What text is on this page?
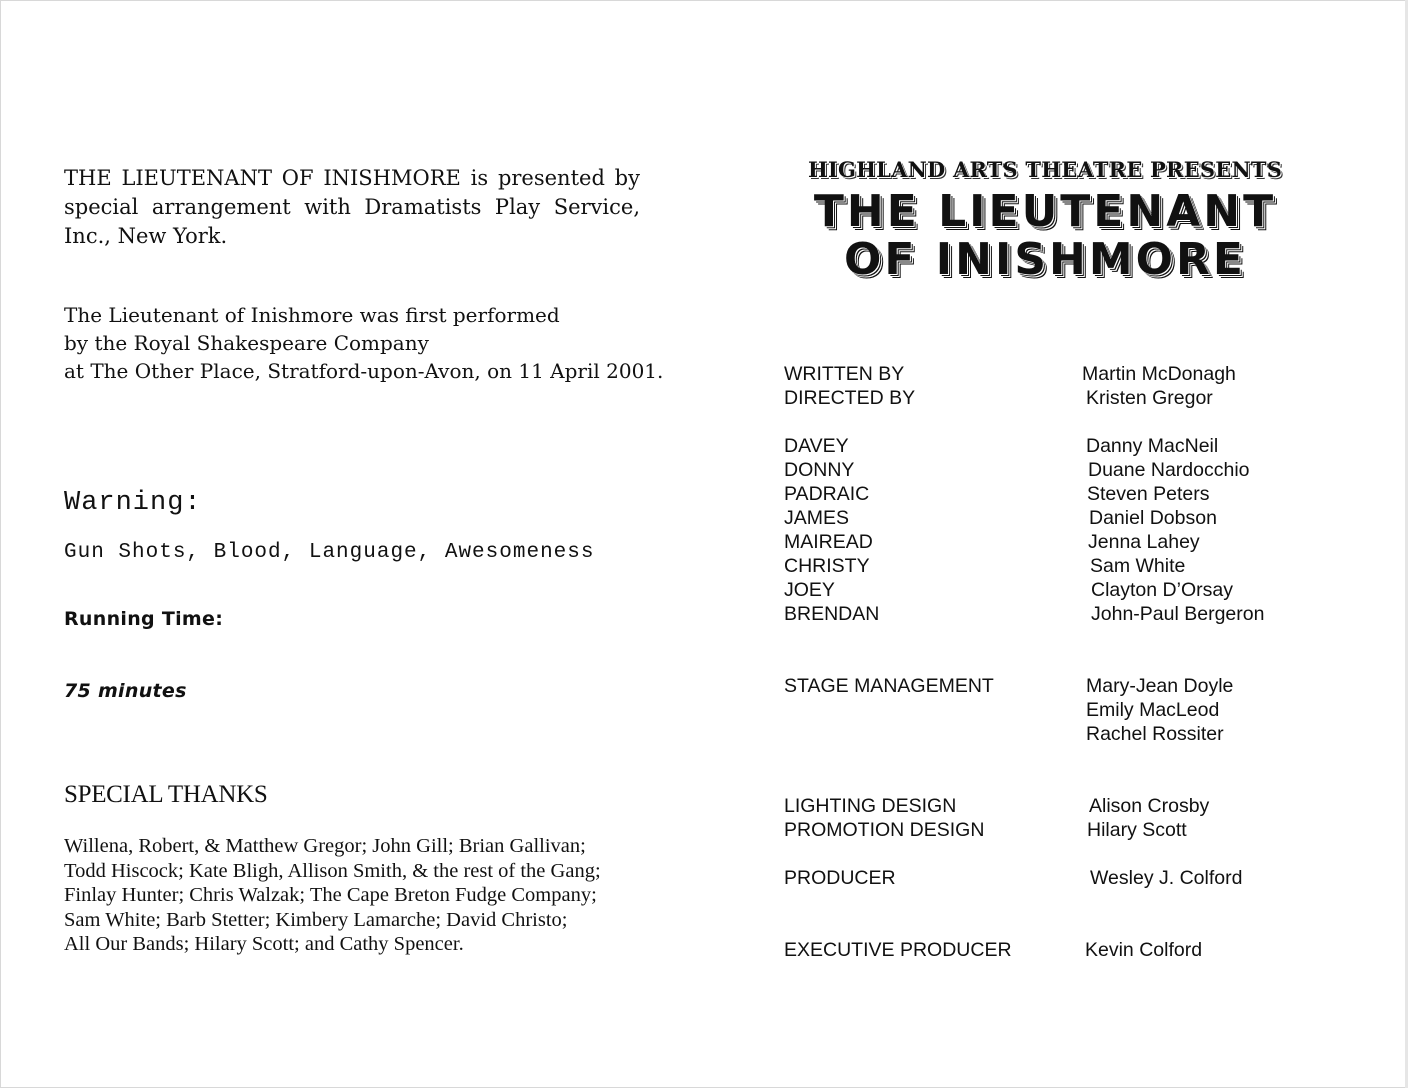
THE LIEUTENANT OF INISHMORE is presented by special arrangement with Dramatists Play Service, Inc., New York.

The Lieutenant of Inishmore was first performed
by the Royal Shakespeare Company
at The Other Place, Stratford-upon-Avon, on 11 April 2001.
Warning:
Gun Shots, Blood, Language, Awesomeness
Running Time:
75 minutes
SPECIAL THANKS
Willena, Robert, & Matthew Gregor; John Gill; Brian Gallivan;
Todd Hiscock; Kate Bligh, Allison Smith, & the rest of the Gang;
Finlay Hunter; Chris Walzak; The Cape Breton Fudge Company;
Sam White; Barb Stetter; Kimbery Lamarche; David Christo;
All Our Bands; Hilary Scott; and Cathy Spencer.
HIGHLAND ARTS THEATRE PRESENTS
THE LIEUTENANT
OF INISHMORE
WRITTEN BY	Martin McDonagh
DIRECTED BY	Kristen Gregor
DAVEY	Danny MacNeil
DONNY	Duane Nardocchio
PADRAIC	Steven Peters
JAMES	Daniel Dobson
MAIREAD	Jenna Lahey
CHRISTY	Sam White
JOEY	Clayton D’Orsay
BRENDAN	John-Paul Bergeron
STAGE MANAGEMENT	Mary-Jean Doyle
Emily MacLeod
Rachel Rossiter
LIGHTING DESIGN	Alison Crosby
PROMOTION DESIGN	Hilary Scott
PRODUCER	Wesley J. Colford
EXECUTIVE PRODUCER	Kevin Colford
